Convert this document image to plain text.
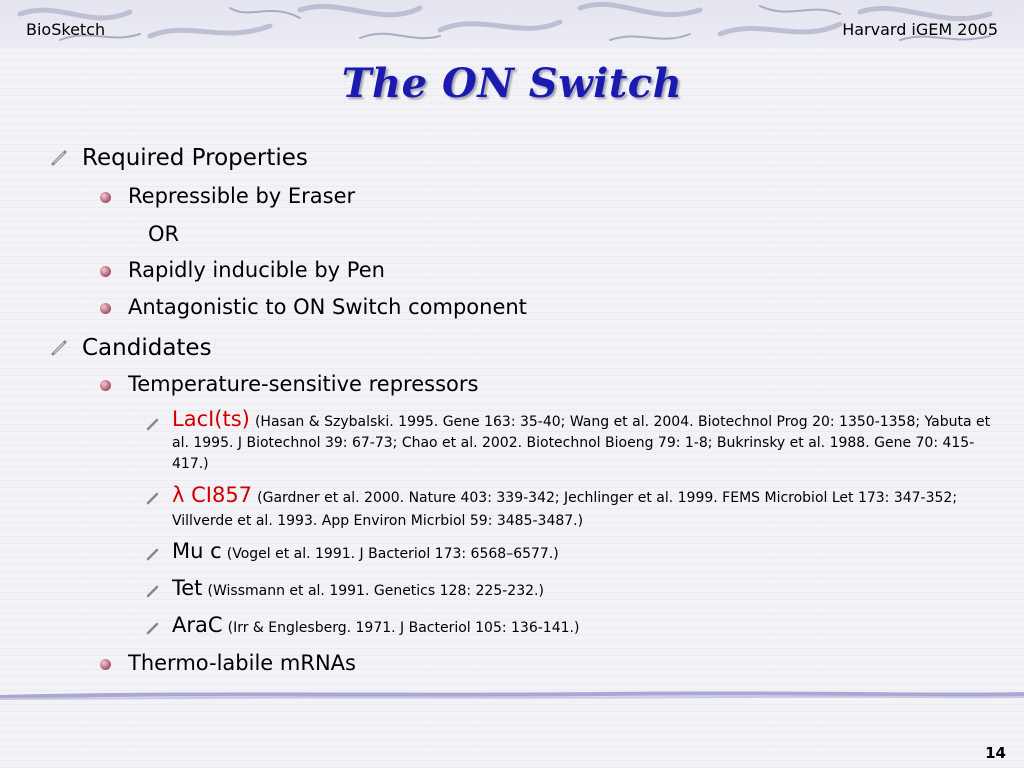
BioSketch	Harvard iGEM 2005
The ON Switch
Required Properties
Repressible by Eraser
OR
Rapidly inducible by Pen
Antagonistic to ON Switch component
Candidates
Temperature-sensitive repressors
LacI(ts) (Hasan & Szybalski. 1995. Gene 163: 35-40; Wang et al. 2004. Biotechnol Prog 20: 1350-1358; Yabuta et al. 1995. J Biotechnol 39: 67-73; Chao et al. 2002. Biotechnol Bioeng 79: 1-8; Bukrinsky et al. 1988. Gene 70: 415-417.)
λ CI857 (Gardner et al. 2000. Nature 403: 339-342; Jechlinger et al. 1999. FEMS Microbiol Let 173: 347-352; Villverde et al. 1993. App Environ Micrbiol 59: 3485-3487.)
Mu c (Vogel et al. 1991. J Bacteriol 173: 6568–6577.)
Tet (Wissmann et al. 1991. Genetics 128: 225-232.)
AraC (Irr & Englesberg. 1971. J Bacteriol 105: 136-141.)
Thermo-labile mRNAs
14
